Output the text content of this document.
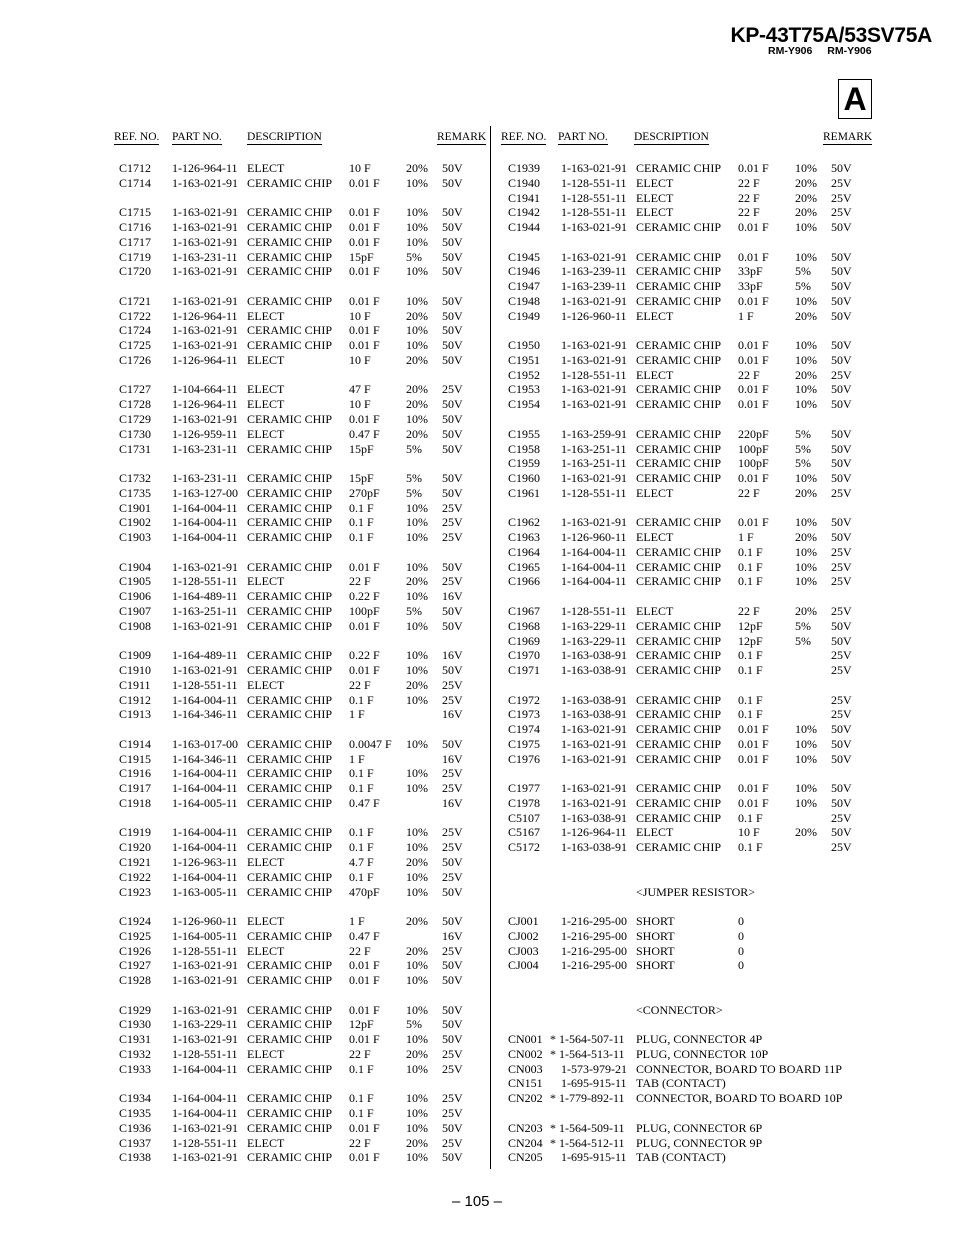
KP-43T75A/53SV75A
RM-Y906 RM-Y906
A
REF. NO. PART NO. DESCRIPTION	REMARK REF. NO. PART NO. DESCRIPTION	REMARK
C1712 1-126-964-11 ELECT	10 F	20% 50V
C1714 1-163-021-91 CERAMIC CHIP 0.01 F 10% 50V
C1715 1-163-021-91 CERAMIC CHIP 0.01 F 10% 50V
C1716 1-163-021-91 CERAMIC CHIP 0.01 F 10% 50V
C1717 1-163-021-91 CERAMIC CHIP 0.01 F 10% 50V
C1719 1-163-231-11 CERAMIC CHIP 15pF	5% 50V
C1720 1-163-021-91 CERAMIC CHIP 0.01 F 10% 50V
C1721 1-163-021-91 CERAMIC CHIP 0.01 F 10% 50V
C1722 1-126-964-11 ELECT	10 F	20% 50V
C1724 1-163-021-91 CERAMIC CHIP 0.01 F 10% 50V
C1725 1-163-021-91 CERAMIC CHIP 0.01 F 10% 50V
C1726 1-126-964-11 ELECT	10 F	20% 50V
C1727 1-104-664-11 ELECT	47 F	20% 25V
C1728 1-126-964-11 ELECT	10 F	20% 50V
C1729 1-163-021-91 CERAMIC CHIP 0.01 F 10% 50V
C1730 1-126-959-11 ELECT	0.47 F 20% 50V
C1731 1-163-231-11 CERAMIC CHIP 15pF	5% 50V
C1732 1-163-231-11 CERAMIC CHIP 15pF	5% 50V
C1735 1-163-127-00 CERAMIC CHIP 270pF 5% 50V
C1901 1-164-004-11 CERAMIC CHIP 0.1 F	10% 25V
C1902 1-164-004-11 CERAMIC CHIP 0.1 F	10% 25V
C1903 1-164-004-11 CERAMIC CHIP 0.1 F	10% 25V
C1904 1-163-021-91 CERAMIC CHIP 0.01 F 10% 50V
C1905 1-128-551-11 ELECT	22 F	20% 25V
C1906 1-164-489-11 CERAMIC CHIP 0.22 F 10% 16V
C1907 1-163-251-11 CERAMIC CHIP 100pF 5% 50V
C1908 1-163-021-91 CERAMIC CHIP 0.01 F 10% 50V
C1909 1-164-489-11 CERAMIC CHIP 0.22 F 10% 16V
C1910 1-163-021-91 CERAMIC CHIP 0.01 F 10% 50V
C1911 1-128-551-11 ELECT	22 F	20% 25V
C1912 1-164-004-11 CERAMIC CHIP 0.1 F	10% 25V
C1913 1-164-346-11 CERAMIC CHIP 1 F	16V
C1914 1-163-017-00 CERAMIC CHIP 0.0047 F 10% 50V
C1915 1-164-346-11 CERAMIC CHIP 1 F	16V
C1916 1-164-004-11 CERAMIC CHIP 0.1 F	10% 25V
C1917 1-164-004-11 CERAMIC CHIP 0.1 F	10% 25V
C1918 1-164-005-11 CERAMIC CHIP 0.47 F	16V
C1919 1-164-004-11 CERAMIC CHIP 0.1 F	10% 25V
C1920 1-164-004-11 CERAMIC CHIP 0.1 F	10% 25V
C1921 1-126-963-11 ELECT	4.7 F	20% 50V
C1922 1-164-004-11 CERAMIC CHIP 0.1 F	10% 25V
C1923 1-163-005-11 CERAMIC CHIP 470pF 10% 50V
C1924 1-126-960-11 ELECT	1 F	20% 50V
C1925 1-164-005-11 CERAMIC CHIP 0.47 F	16V
C1926 1-128-551-11 ELECT	22 F	20% 25V
C1927 1-163-021-91 CERAMIC CHIP 0.01 F 10% 50V
C1928 1-163-021-91 CERAMIC CHIP 0.01 F 10% 50V
C1929 1-163-021-91 CERAMIC CHIP 0.01 F 10% 50V
C1930 1-163-229-11 CERAMIC CHIP 12pF	5% 50V
C1931 1-163-021-91 CERAMIC CHIP 0.01 F 10% 50V
C1932 1-128-551-11 ELECT	22 F	20% 25V
C1933 1-164-004-11 CERAMIC CHIP 0.1 F	10% 25V
C1934 1-164-004-11 CERAMIC CHIP 0.1 F	10% 25V
C1935 1-164-004-11 CERAMIC CHIP 0.1 F	10% 25V
C1936 1-163-021-91 CERAMIC CHIP 0.01 F 10% 50V
C1937 1-128-551-11 ELECT	22 F	20% 25V
C1938 1-163-021-91 CERAMIC CHIP 0.01 F 10% 50V
C1939 1-163-021-91 CERAMIC CHIP 0.01 F 10% 50V
C1940 1-128-551-11 ELECT	22 F	20% 25V
C1941 1-128-551-11 ELECT	22 F	20% 25V
C1942 1-128-551-11 ELECT	22 F	20% 25V
C1944 1-163-021-91 CERAMIC CHIP 0.01 F 10% 50V
C1945 1-163-021-91 CERAMIC CHIP 0.01 F 10% 50V
C1946 1-163-239-11 CERAMIC CHIP 33pF	5% 50V
C1947 1-163-239-11 CERAMIC CHIP 33pF	5% 50V
C1948 1-163-021-91 CERAMIC CHIP 0.01 F 10% 50V
C1949 1-126-960-11 ELECT	1 F	20% 50V
C1950 1-163-021-91 CERAMIC CHIP 0.01 F 10% 50V
C1951 1-163-021-91 CERAMIC CHIP 0.01 F 10% 50V
C1952 1-128-551-11 ELECT	22 F	20% 25V
C1953 1-163-021-91 CERAMIC CHIP 0.01 F 10% 50V
C1954 1-163-021-91 CERAMIC CHIP 0.01 F 10% 50V
C1955 1-163-259-91 CERAMIC CHIP 220pF 5% 50V
C1958 1-163-251-11 CERAMIC CHIP 100pF 5% 50V
C1959 1-163-251-11 CERAMIC CHIP 100pF 5% 50V
C1960 1-163-021-91 CERAMIC CHIP 0.01 F 10% 50V
C1961 1-128-551-11 ELECT	22 F	20% 25V
C1962 1-163-021-91 CERAMIC CHIP 0.01 F 10% 50V
C1963 1-126-960-11 ELECT	1 F	20% 50V
C1964 1-164-004-11 CERAMIC CHIP 0.1 F	10% 25V
C1965 1-164-004-11 CERAMIC CHIP 0.1 F	10% 25V
C1966 1-164-004-11 CERAMIC CHIP 0.1 F	10% 25V
C1967 1-128-551-11 ELECT	22 F	20% 25V
C1968 1-163-229-11 CERAMIC CHIP 12pF	5% 50V
C1969 1-163-229-11 CERAMIC CHIP 12pF	5% 50V
C1970 1-163-038-91 CERAMIC CHIP 0.1 F	25V
C1971 1-163-038-91 CERAMIC CHIP 0.1 F	25V
C1972 1-163-038-91 CERAMIC CHIP 0.1 F	25V
C1973 1-163-038-91 CERAMIC CHIP 0.1 F	25V
C1974 1-163-021-91 CERAMIC CHIP 0.01 F 10% 50V
C1975 1-163-021-91 CERAMIC CHIP 0.01 F 10% 50V
C1976 1-163-021-91 CERAMIC CHIP 0.01 F 10% 50V
C1977 1-163-021-91 CERAMIC CHIP 0.01 F 10% 50V
C1978 1-163-021-91 CERAMIC CHIP 0.01 F 10% 50V
C5107 1-163-038-91 CERAMIC CHIP 0.1 F	25V
C5167 1-126-964-11 ELECT	10 F	20% 50V
C5172 1-163-038-91 CERAMIC CHIP 0.1 F	25V
<JUMPER RESISTOR>
CJ001 1-216-295-00 SHORT	0
CJ002 1-216-295-00 SHORT	0
CJ003 1-216-295-00 SHORT	0
CJ004 1-216-295-00 SHORT	0
<CONNECTOR>
CN001 * 1-564-507-11 PLUG, CONNECTOR 4P
CN002 * 1-564-513-11 PLUG, CONNECTOR 10P
CN003 1-573-979-21 CONNECTOR, BOARD TO BOARD 11P
CN151 1-695-915-11 TAB (CONTACT)
CN202 * 1-779-892-11 CONNECTOR, BOARD TO BOARD 10P
CN203 * 1-564-509-11 PLUG, CONNECTOR 6P
CN204 * 1-564-512-11 PLUG, CONNECTOR 9P
CN205 1-695-915-11 TAB (CONTACT)
– 105 –
